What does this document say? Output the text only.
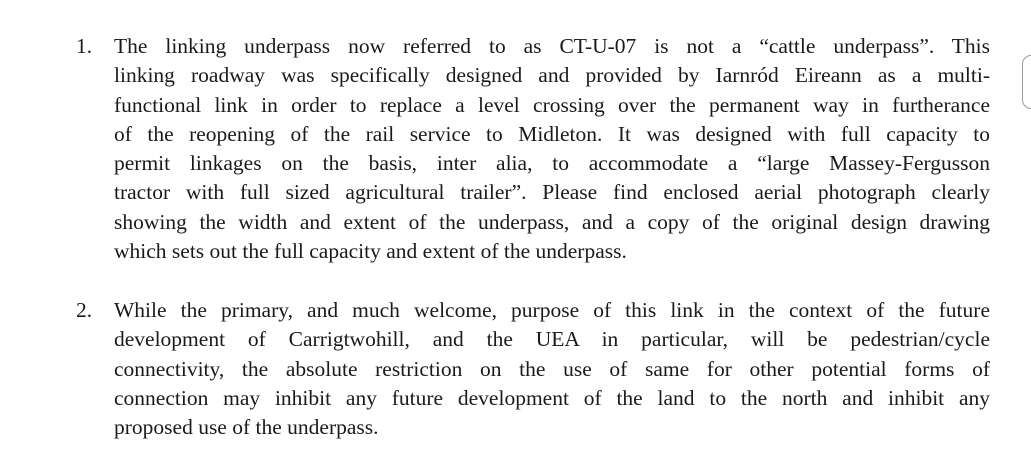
1. The linking underpass now referred to as CT-U-07 is not a “cattle underpass”. This
linking roadway was specifically designed and provided by Iarnród Eireann as a multi-
functional link in order to replace a level crossing over the permanent way in furtherance
of the reopening of the rail service to Midleton. It was designed with full capacity to
permit linkages on the basis, inter alia, to accommodate a “large Massey-Fergusson
tractor with full sized agricultural trailer”. Please find enclosed aerial photograph clearly
showing the width and extent of the underpass, and a copy of the original design drawing
which sets out the full capacity and extent of the underpass.
2. While the primary, and much welcome, purpose of this link in the context of the future
development of Carrigtwohill, and the UEA in particular, will be pedestrian/cycle
connectivity, the absolute restriction on the use of same for other potential forms of
connection may inhibit any future development of the land to the north and inhibit any
proposed use of the underpass.
